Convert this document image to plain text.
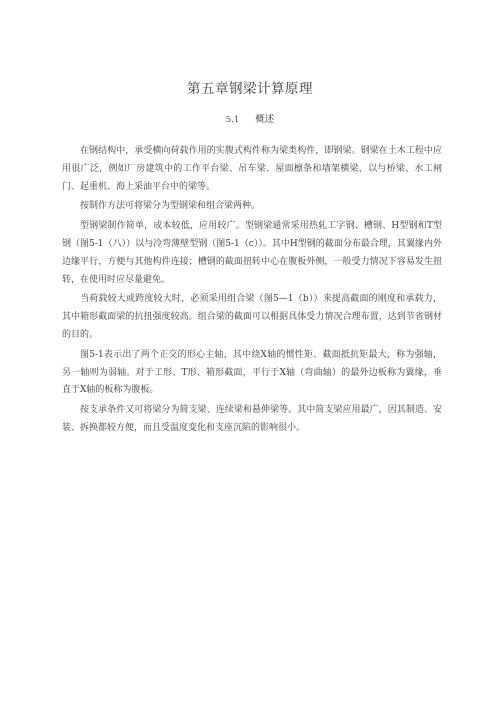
第五章钢梁计算原理
5.1 概述

在钢结构中，承受横向荷载作用的实腹式构件称为梁类构件，即钢梁。钢梁在土木工程中应用很广泛，例如厂房建筑中的工作平台梁、吊车梁、屋面檩条和墙架横梁，以与桥梁、水工闸门、起重机、海上采油平台中的梁等。

按制作方法可将梁分为型钢梁和组合梁两种。

型钢梁制作简单，成本较低，应用较广。型钢梁通常采用热轧工字钢、槽钢、H型钢和T型钢（图5-1（八））以与冷弯薄壁型钢（图5-1（c））。其中H型钢的截面分布最合理，其翼缘内外边缘平行，方便与其他构件连接；槽钢的截面扭转中心在腹板外侧，一般受力情况下容易发生扭转，在使用时应尽量避免。

当荷载较大或跨度较大时，必须采用组合梁（图5—1（b））来提高截面的刚度和承载力，其中箱形截面梁的抗扭强度较高。组合梁的截面可以根据具体受力情况合理布置，达到节省钢材的目的。

图5-1表示出了两个正交的形心主轴，其中绕X轴的惯性矩、截面抵抗矩最大，称为强轴，另一轴则为弱轴。对于工形、T形、箱形截面，平行于X轴（弯曲轴）的最外边板称为翼缘，垂直于X轴的板称为腹板。

按支承条件又可将梁分为简支梁、连续梁和悬伸梁等。其中简支梁应用最广，因其制造、安装、拆换都较方便，而且受温度变化和支座沉陷的影响很小。
